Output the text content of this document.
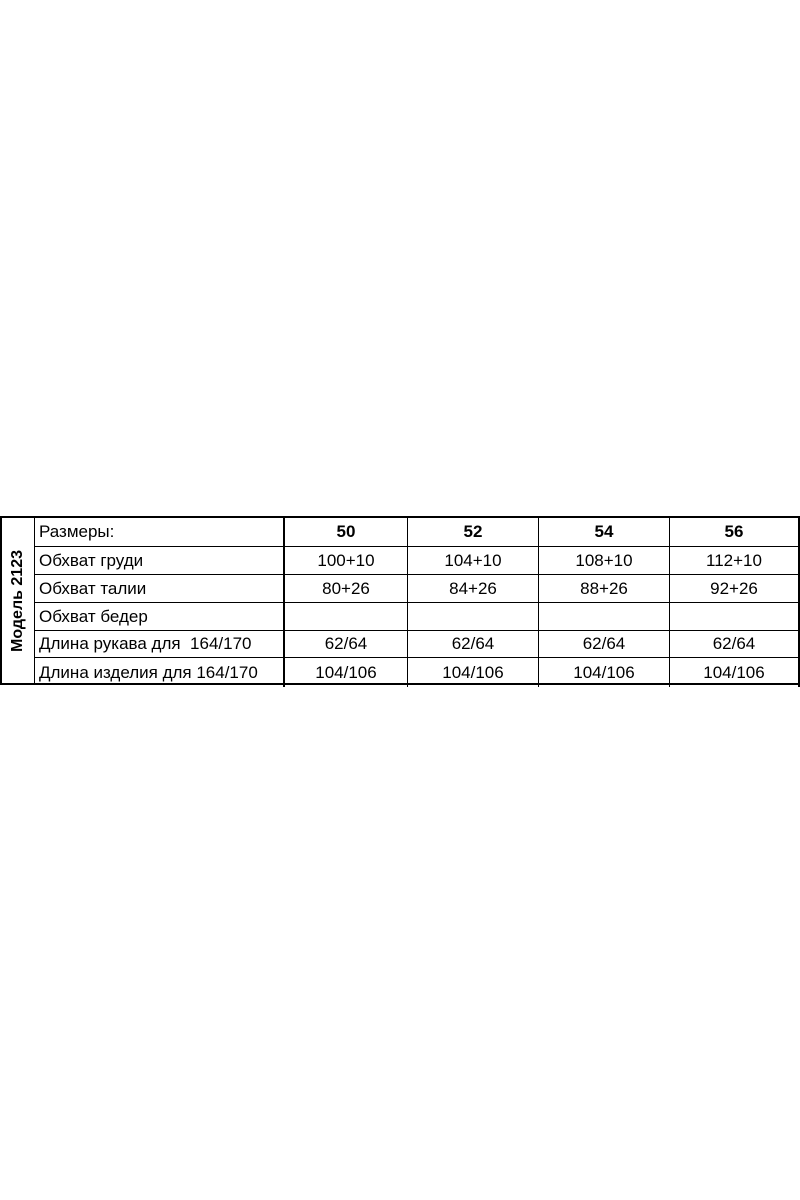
Модель 2123
Размеры:	50	52	54	56
Обхват груди	100+10	104+10	108+10	112+10
Обхват талии	80+26	84+26	88+26	92+26
Обхват бедер
Длина рукава для  164/170	62/64	62/64	62/64	62/64
Длина изделия для 164/170	104/106	104/106	104/106	104/106
